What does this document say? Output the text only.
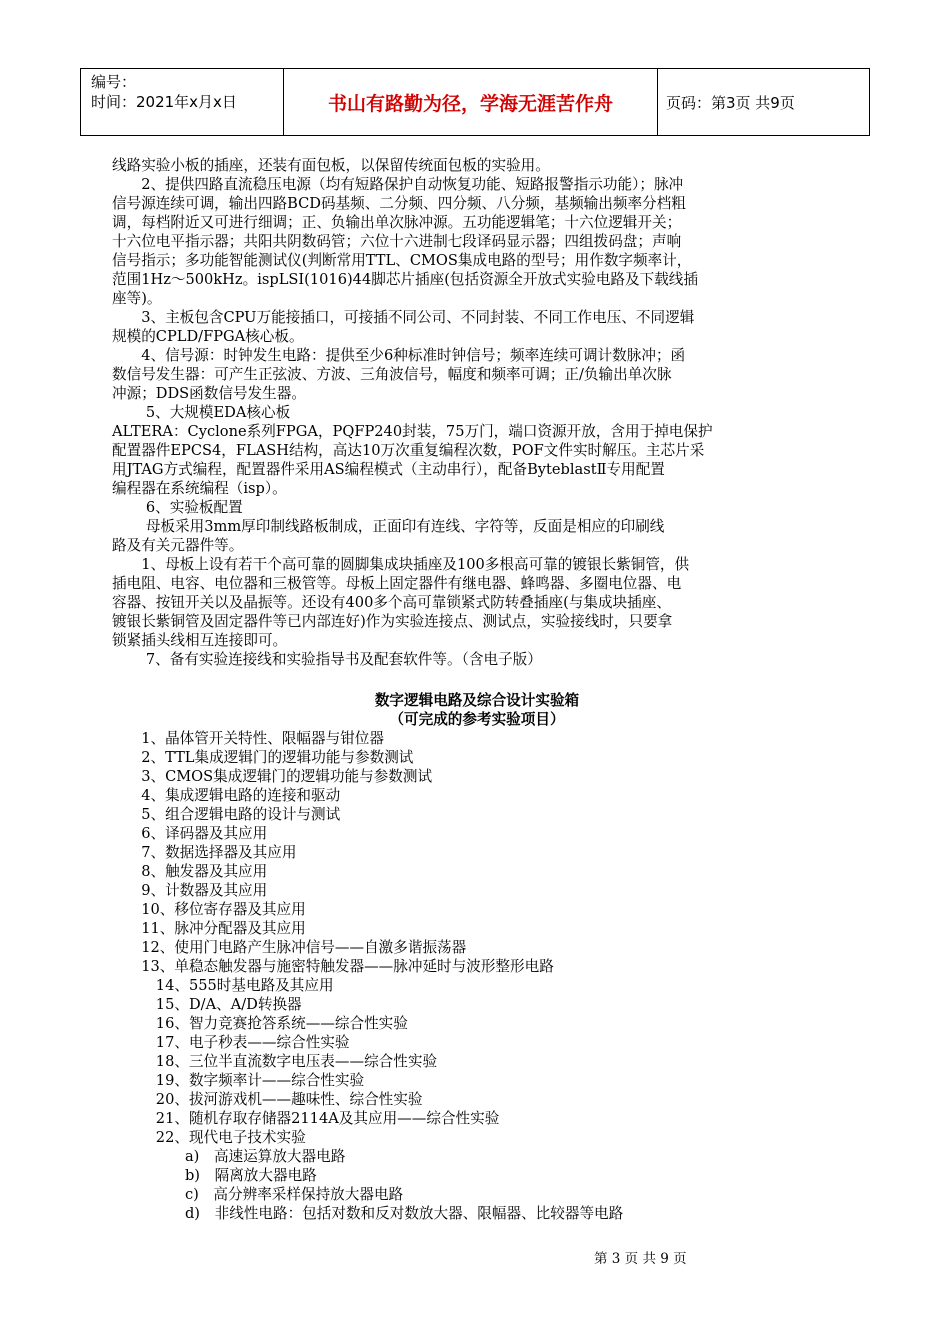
编号：
时间：2021年x月x日	书山有路勤为径，学海无涯苦作舟	页码：第3页 共9页

线路实验小板的插座，还装有面包板，以保留传统面包板的实验用。

　　2、提供四路直流稳压电源（均有短路保护自动恢复功能、短路报警指示功能）；脉冲

信号源连续可调，输出四路BCD码基频、二分频、四分频、八分频，基频输出频率分档粗

调，每档附近又可进行细调；正、负输出单次脉冲源。五功能逻辑笔；十六位逻辑开关；

十六位电平指示器；共阳共阴数码管；六位十六进制七段译码显示器；四组拨码盘；声响

信号指示；多功能智能测试仪(判断常用TTL、CMOS集成电路的型号；用作数字频率计，

范围1Hz～500kHz。ispLSI(1016)44脚芯片插座(包括资源全开放式实验电路及下载线插

座等)。

　　3、主板包含CPU万能接插口，可接插不同公司、不同封装、不同工作电压、不同逻辑

规模的CPLD/FPGA核心板。

　　4、信号源：时钟发生电路：提供至少6种标准时钟信号；频率连续可调计数脉冲；函

数信号发生器：可产生正弦波、方波、三角波信号，幅度和频率可调；正/负输出单次脉

冲源；DDS函数信号发生器。

　　 5、大规模EDA核心板

ALTERA：Cyclone系列FPGA，PQFP240封装，75万门，端口资源开放，含用于掉电保护

配置器件EPCS4，FLASH结构，高达10万次重复编程次数，POF文件实时解压。主芯片采

用JTAG方式编程，配置器件采用AS编程模式（主动串行），配备ByteblastⅡ专用配置

编程器在系统编程（isp）。

　　 6、实验板配置

　　 母板采用3mm厚印制线路板制成，正面印有连线、字符等，反面是相应的印刷线

路及有关元器件等。

　　1、母板上设有若干个高可靠的圆脚集成块插座及100多根高可靠的镀银长紫铜管，供

插电阻、电容、电位器和三极管等。母板上固定器件有继电器、蜂鸣器、多圈电位器、电

容器、按钮开关以及晶振等。还设有400多个高可靠锁紧式防转叠插座(与集成块插座、

镀银长紫铜管及固定器件等已内部连好)作为实验连接点、测试点，实验接线时，只要拿

锁紧插头线相互连接即可。

　　 7、备有实验连接线和实验指导书及配套软件等。（含电子版）

数字逻辑电路及综合设计实验箱

（可完成的参考实验项目）

　　1、晶体管开关特性、限幅器与钳位器

　　2、TTL集成逻辑门的逻辑功能与参数测试

　　3、CMOS集成逻辑门的逻辑功能与参数测试

　　4、集成逻辑电路的连接和驱动

　　5、组合逻辑电路的设计与测试

　　6、译码器及其应用

　　7、数据选择器及其应用

　　8、触发器及其应用

　　9、计数器及其应用

　　10、移位寄存器及其应用

　　11、脉冲分配器及其应用

　　12、使用门电路产生脉冲信号——自激多谐振荡器

　　13、单稳态触发器与施密特触发器——脉冲延时与波形整形电路

　　　14、555时基电路及其应用

　　　15、D/A、A/D转换器

　　　16、智力竞赛抢答系统——综合性实验

　　　17、电子秒表——综合性实验

　　　18、三位半直流数字电压表——综合性实验

　　　19、数字频率计——综合性实验

　　　20、拔河游戏机——趣味性、综合性实验

　　　21、随机存取存储器2114A及其应用——综合性实验

　　　22、现代电子技术实验

　　　　　a)　高速运算放大器电路

　　　　　b)　隔离放大器电路

　　　　　c)　高分辨率采样保持放大器电路

　　　　　d)　非线性电路：包括对数和反对数放大器、限幅器、比较器等电路

第 3 页 共 9 页
